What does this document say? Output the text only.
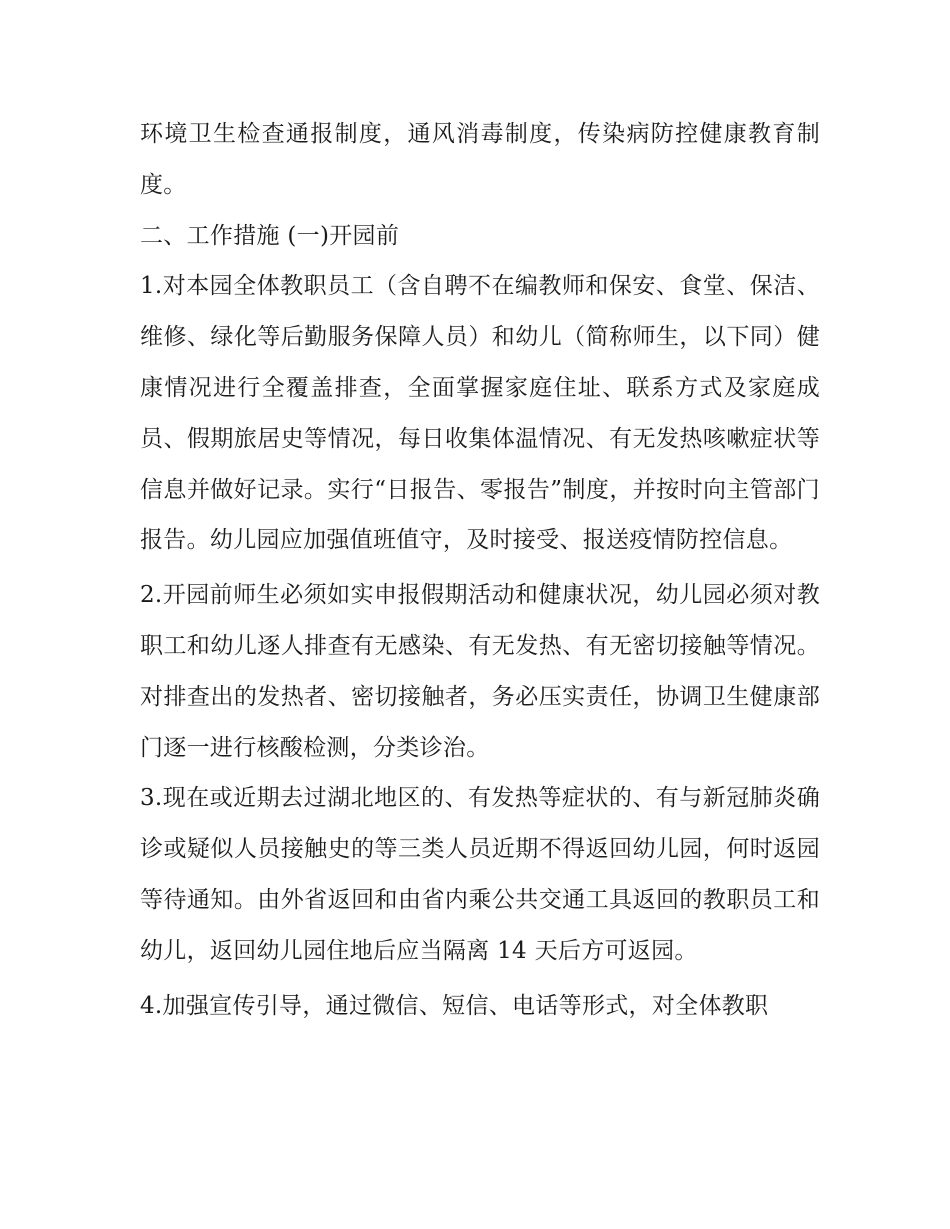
环境卫生检查通报制度，通风消毒制度，传染病防控健康教育制度。

二、工作措施 (一)开园前

1.对本园全体教职员工（含自聘不在编教师和保安、食堂、保洁、维修、绿化等后勤服务保障人员）和幼儿（简称师生，以下同）健康情况进行全覆盖排查，全面掌握家庭住址、联系方式及家庭成员、假期旅居史等情况，每日收集体温情况、有无发热咳嗽症状等信息并做好记录。实行“日报告、零报告”制度，并按时向主管部门报告。幼儿园应加强值班值守，及时接受、报送疫情防控信息。

2.开园前师生必须如实申报假期活动和健康状况，幼儿园必须对教职工和幼儿逐人排查有无感染、有无发热、有无密切接触等情况。对排查出的发热者、密切接触者，务必压实责任，协调卫生健康部门逐一进行核酸检测，分类诊治。

3.现在或近期去过湖北地区的、有发热等症状的、有与新冠肺炎确诊或疑似人员接触史的等三类人员近期不得返回幼儿园，何时返园等待通知。由外省返回和由省内乘公共交通工具返回的教职员工和幼儿，返回幼儿园住地后应当隔离 14 天后方可返园。

4.加强宣传引导，通过微信、短信、电话等形式，对全体教职
